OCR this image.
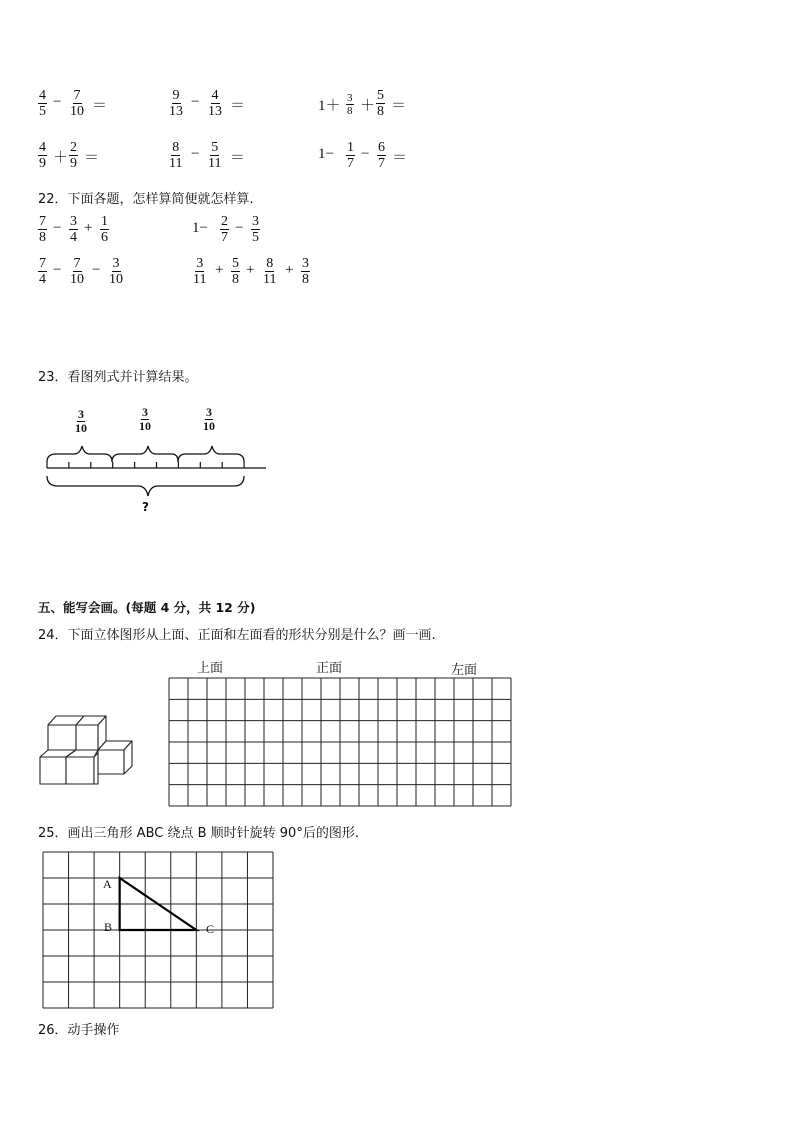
$\frac{4}{5} - \frac{7}{10}$ ＝	$\frac{9}{13} - \frac{4}{13}$ ＝	$1+ \frac{3}{8} + \frac{5}{8}$ ＝
$\frac{4}{9} + \frac{2}{9}$ ＝	$\frac{8}{11} - \frac{5}{11}$ ＝	$1- \frac{1}{7} - \frac{6}{7}$ ＝
22．下面各题，怎样算简便就怎样算.
$\frac{7}{8} - \frac{3}{4} + \frac{1}{6}$	$1- \frac{2}{7} - \frac{3}{5}$
$\frac{7}{4} - \frac{7}{10} - \frac{3}{10}$	$\frac{3}{11} + \frac{5}{8} + \frac{8}{11} + \frac{3}{8}$
23．看图列式并计算结果。
$\frac{3}{10}$	$\frac{3}{10}$	$\frac{3}{10}$
?
五、能写会画。(每题 4 分，共 12 分)
24．下面立体图形从上面、正面和左面看的形状分别是什么？画一画.
上面	正面	左面
25．画出三角形 ABC 绕点 B 顺时针旋转 90°后的图形.
A
B	C
26．动手操作
